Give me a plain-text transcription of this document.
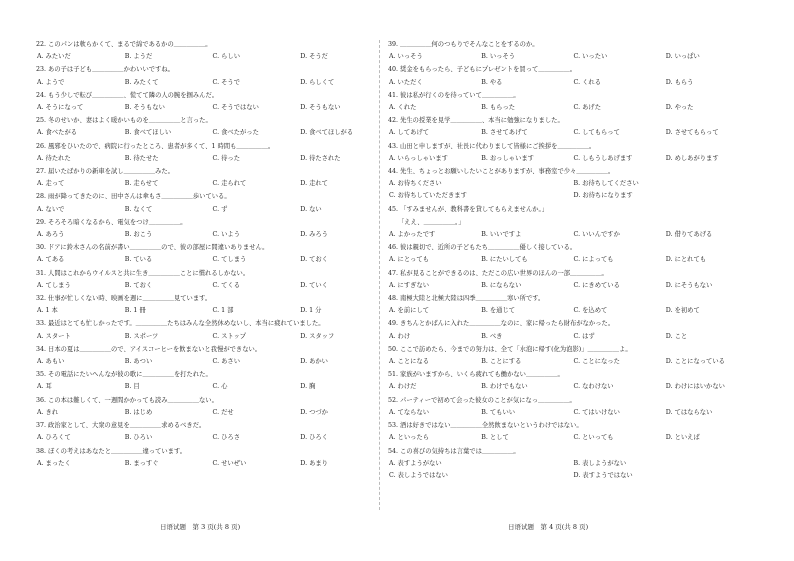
22. このパンは軟らかくて、まるで綿であるかの＿＿＿＿＿。
A. みたいだ	B. ようだ	C. らしい	D. そうだ
23. あの子は子ども＿＿＿＿＿かわいいですね。
A. ようで	B. みたくて	C. そうで	D. らしくて
24. もう少しで転び＿＿＿＿＿、慌てて隣の人の腕を掴みんだ。
A. そうになって	B. そうもない	C. そうではない	D. そうもない
25. 冬のせいか、妻はよく暖かいものを＿＿＿＿＿と言った。
A. 食べたがる	B. 食べてほしい	C. 食べたがった	D. 食べてほしがる
26. 風邪をひいたので、病院に行ったところ、患者が多くて、1 時間も＿＿＿＿＿。
A. 待たれた	B. 待たせた	C. 待った	D. 待たされた
27. 届いたばかりの新車を試し＿＿＿＿＿みた。
A. 走って	B. 走らせて	C. 走られて	D. 走れて
28. 雨が降ってきたのに、田中さんは傘もさ＿＿＿＿＿歩いている。
A. ないで	B. なくて	C. ず	D. ない
29. そろそろ暗くなるから、電気をつけ＿＿＿＿＿。
A. あろう	B. おこう	C. いよう	D. みろう
30. ドアに鈴木さんの名前が書い＿＿＿＿＿ので、彼の部屋に間違いありません。
A. てある	B. ている	C. てしまう	D. ておく
31. 人間はこれからウイルスと共に生き＿＿＿＿＿ことに慣れるしかない。
A. てしまう	B. ておく	C. てくる	D. ていく
32. 仕事が忙しくない時、映画を週に＿＿＿＿＿見ています。
A. 1 本	B. 1 冊	C. 1 部	D. 1 分
33. 最近はとても忙しかったです。＿＿＿＿＿たちはみんな全然休めないし、本当に疲れていました。
A. スタート	B. スポーツ	C. ストップ	D. スタッフ
34. 日本の夏は＿＿＿＿＿ので、アイスコーヒーを飲まないと我慢ができない。
A. あもい	B. あつい	C. あさい	D. あかい
35. その電話にたいへんなが彼の歌に＿＿＿＿＿を打たれた。
A. 耳	B. 目	C. 心	D. 胸
36. この本は難しくて、一週間かかっても読み＿＿＿＿＿ない。
A. きれ	B. はじめ	C. だせ	D. つづか
37. 政治家として、大衆の意見を＿＿＿＿＿求めるべきだ。
A. ひろくて	B. ひろい	C. ひろさ	D. ひろく
38. ぼくの考えはあなたと＿＿＿＿＿違っています。
A. まったく	B. まっすぐ	C. せいぜい	D. あまり
39. ＿＿＿＿＿何のつもりでそんなことをするのか。
A. いっそう	B. いっそう	C. いったい	D. いっぱい
40. 奨金をもらったら、子どもにプレゼントを買って＿＿＿＿＿。
A. いただく	B. やる	C. くれる	D. もらう
41. 彼は私が行くのを待っていて＿＿＿＿＿。
A. くれた	B. もらった	C. あげた	D. やった
42. 先生の授業を見学＿＿＿＿＿、本当に勉強になりました。
A. してあげて	B. させてあげて	C. してもらって	D. させてもらって
43. 山田と申しますが、社長に代わりまして皆様にご挨拶を＿＿＿＿＿。
A. いらっしゃいます	B. おっしゃいます	C. しもうしあげます	D. めしあがります
44. 先生、ちょっとお願いしたいことがありますが、事務室で少々＿＿＿＿＿。
A. お待ちください	B. お待ちしてください
C. お待ちしていただきます	D. お待ちになります
45. 「すみませんが、教科書を貸してもらえませんか。」
「ええ、＿＿＿＿＿。」
A. よかったです	B. いいですよ	C. いいんですか	D. 借りてあげる
46. 彼は親切で、近所の子どもたち＿＿＿＿＿優しく接している。
A. にとっても	B. にたいしても	C. によっても	D. にとれても
47. 私が見ることができるのは、ただこの広い世界のほんの一部＿＿＿＿＿。
A. にすぎない	B. にならない	C. にきめている	D. にそうもない
48. 南極大陸と北極大陸は四季＿＿＿＿＿寒い所です。
A. を前にして	B. を通じて	C. を込めて	D. を初めて
49. きちんとかばんに入れた＿＿＿＿＿なのに、家に帰ったら財布がなかった。
A. わけ	B. べき	C. はず	D. こと
50. ここで訪めたら、今までの努力は、全て「水泡に帰す(化为泡影)」＿＿＿＿＿よ。
A. ことになる	B. ことにする	C. ことになった	D. ことになっている
51. 家族がいますから、いくら疲れても働かない＿＿＿＿＿。
A. わけだ	B. わけでもない	C. なわけない	D. わけにはいかない
52. パーティーで初めて会った彼女のことが気になっ＿＿＿＿＿。
A. てならない	B. てもいい	C. てはいけない	D. てはならない
53. 酒は好きではない＿＿＿＿＿全然飲まないというわけではない。
A. といったら	B. として	C. といっても	D. といえば
54. この喜びの気持ちは言葉では＿＿＿＿＿。
A. 表すようがない	B. 表しようがない
C. 表しようではない	D. 表すようではない
日语试题　第 3 页(共 8 页)	日语试题　第 4 页(共 8 页)
